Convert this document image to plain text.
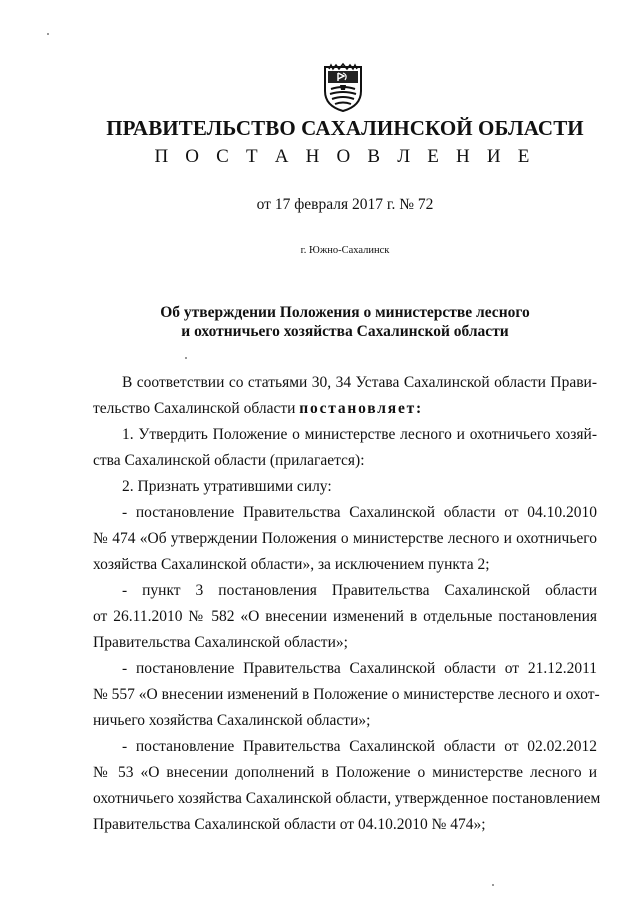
ПРАВИТЕЛЬСТВО САХАЛИНСКОЙ ОБЛАСТИ
П О С Т А Н О В Л Е Н И Е
от 17 февраля 2017 г. № 72
г. Южно-Сахалинск
Об утверждении Положения о министерстве лесного
и охотничьего хозяйства Сахалинской области
В соответствии со статьями 30, 34 Устава Сахалинской области Прави-
тельство Сахалинской области постановляет:
1. Утвердить Положение о министерстве лесного и охотничьего хозяй-
ства Сахалинской области (прилагается):
2. Признать утратившими силу:
- постановление Правительства Сахалинской области от 04.10.2010
№ 474 «Об утверждении Положения о министерстве лесного и охотничьего
хозяйства Сахалинской области», за исключением пункта 2;
- пункт 3 постановления Правительства Сахалинской области
от 26.11.2010 № 582 «О внесении изменений в отдельные постановления
Правительства Сахалинской области»;
- постановление Правительства Сахалинской области от 21.12.2011
№ 557 «О внесении изменений в Положение о министерстве лесного и охот-
ничьего хозяйства Сахалинской области»;
- постановление Правительства Сахалинской области от 02.02.2012
№ 53 «О внесении дополнений в Положение о министерстве лесного и
охотничьего хозяйства Сахалинской области, утвержденное постановлением
Правительства Сахалинской области от 04.10.2010 № 474»;
